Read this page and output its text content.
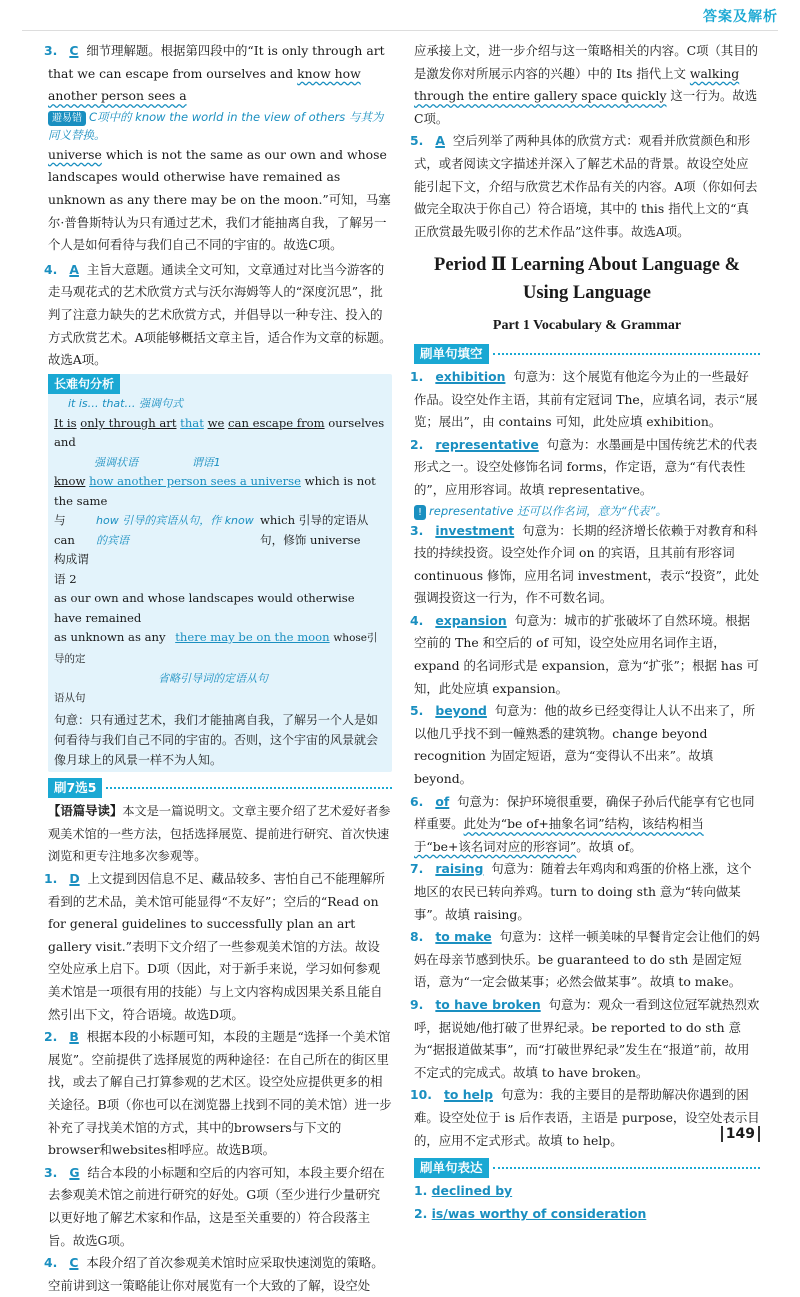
答案及解析

3. C 细节理解题。根据第四段中的“It is only through art that we can escape from ourselves and know how another person sees a

避易错 C项中的 know the world in the view of others 与其为同义替换。

universe which is not the same as our own and whose landscapes would otherwise have remained as unknown as any there may be on the moon.”可知，马塞尔·普鲁斯特认为只有通过艺术，我们才能抽离自我，了解另一个人是如何看待与我们自己不同的宇宙的。故选C项。

4. A 主旨大意题。通读全文可知，文章通过对比当今游客的走马观花式的艺术欣赏方式与沃尔海姆等人的“深度沉思”，批判了注意力缺失的艺术欣赏方式，并倡导以一种专注、投入的方式欣赏艺术。A项能够概括文章主旨，适合作为文章的标题。故选A项。

长难句分析
it is… that… 强调句式
It is only through art that we can escape from ourselves and
强调状语	谓语1
know how another person sees a universe which is not the same
与 can 构成谓语 2
how 引导的宾语从句，作 know 的宾语
which 引导的定语从句，修饰 universe
as our own and whose landscapes would otherwise have remained
as unknown as any there may be on the moon whose引导的定
省略引导词的定语从句
语从句
句意：只有通过艺术，我们才能抽离自我，了解另一个人是如何看待与我们自己不同的宇宙的。否则，这个宇宙的风景就会像月球上的风景一样不为人知。
刷7选5

【语篇导读】本文是一篇说明文。文章主要介绍了艺术爱好者参观美术馆的一些方法，包括选择展览、提前进行研究、首次快速浏览和更专注地多次参观等。

1. D 上文提到因信息不足、藏品较多、害怕自己不能理解所看到的艺术品，美术馆可能显得“不友好”；空后的“Read on for general guidelines to successfully plan an art gallery visit.”表明下文介绍了一些参观美术馆的方法。故设空处应承上启下。D项（因此，对于新手来说，学习如何参观美术馆是一项很有用的技能）与上文内容构成因果关系且能自然引出下文，符合语境。故选D项。

2. B 根据本段的小标题可知，本段的主题是“选择一个美术馆展览”。空前提供了选择展览的两种途径：在自己所在的街区里找，或去了解自己打算参观的艺术区。设空处应提供更多的相关途径。B项（你也可以在浏览器上找到不同的美术馆）进一步补充了寻找美术馆的方式，其中的browsers与下文的browser和websites相呼应。故选B项。

3. G 结合本段的小标题和空后的内容可知，本段主要介绍在去参观美术馆之前进行研究的好处。G项（至少进行少量研究以更好地了解艺术家和作品，这是至关重要的）符合段落主旨。故选G项。

4. C 本段介绍了首次参观美术馆时应采取快速浏览的策略。空前讲到这一策略能让你对展览有一个大致的了解，设空处

应承接上文，进一步介绍与这一策略相关的内容。C项（其目的是激发你对所展示内容的兴趣）中的 Its 指代上文 walking through the entire gallery space quickly 这一行为。故选C项。

5. A 空后列举了两种具体的欣赏方式：观看并欣赏颜色和形式，或者阅读文字描述并深入了解艺术品的背景。故设空处应能引起下文，介绍与欣赏艺术作品有关的内容。A项（你如何去做完全取决于你自己）符合语境，其中的 this 指代上文的“真正欣赏最先吸引你的艺术作品”这件事。故选A项。

Period Ⅱ Learning About Language &
Using Language
Part 1 Vocabulary & Grammar
刷单句填空

1. exhibition 句意为：这个展览有他迄今为止的一些最好作品。设空处作主语，其前有定冠词 The，应填名词，表示“展览；展出”，由 contains 可知，此处应填 exhibition。

2. representative 句意为：水墨画是中国传统艺术的代表形式之一。设空处修饰名词 forms，作定语，意为“有代表性的”，应用形容词。故填 representative。

! representative 还可以作名词，意为“代表”。

3. investment 句意为：长期的经济增长依赖于对教育和科技的持续投资。设空处作介词 on 的宾语，且其前有形容词 continuous 修饰，应用名词 investment，表示“投资”，此处强调投资这一行为，作不可数名词。

4. expansion 句意为：城市的扩张破坏了自然环境。根据空前的 The 和空后的 of 可知，设空处应用名词作主语，expand 的名词形式是 expansion，意为“扩张”；根据 has 可知，此处应填 expansion。

5. beyond 句意为：他的故乡已经变得让人认不出来了，所以他几乎找不到一幢熟悉的建筑物。change beyond recognition 为固定短语，意为“变得认不出来”。故填 beyond。

6. of 句意为：保护环境很重要，确保子孙后代能享有它也同样重要。此处为“be of+抽象名词”结构，该结构相当于“be+该名词对应的形容词”。故填 of。

7. raising 句意为：随着去年鸡肉和鸡蛋的价格上涨，这个地区的农民已转向养鸡。turn to doing sth 意为“转向做某事”。故填 raising。

8. to make 句意为：这样一顿美味的早餐肯定会让他们的妈妈在母亲节感到快乐。be guaranteed to do sth 是固定短语，意为“一定会做某事；必然会做某事”。故填 to make。

9. to have broken 句意为：观众一看到这位冠军就热烈欢呼，据说她/他打破了世界纪录。be reported to do sth 意为“据报道做某事”，而“打破世界纪录”发生在“报道”前，故用不定式的完成式。故填 to have broken。

10. to help 句意为：我的主要目的是帮助解决你遇到的困难。设空处位于 is 后作表语，主语是 purpose，设空处表示目的，应用不定式形式。故填 to help。

刷单句表达

1. declined by

2. is/was worthy of consideration

149
